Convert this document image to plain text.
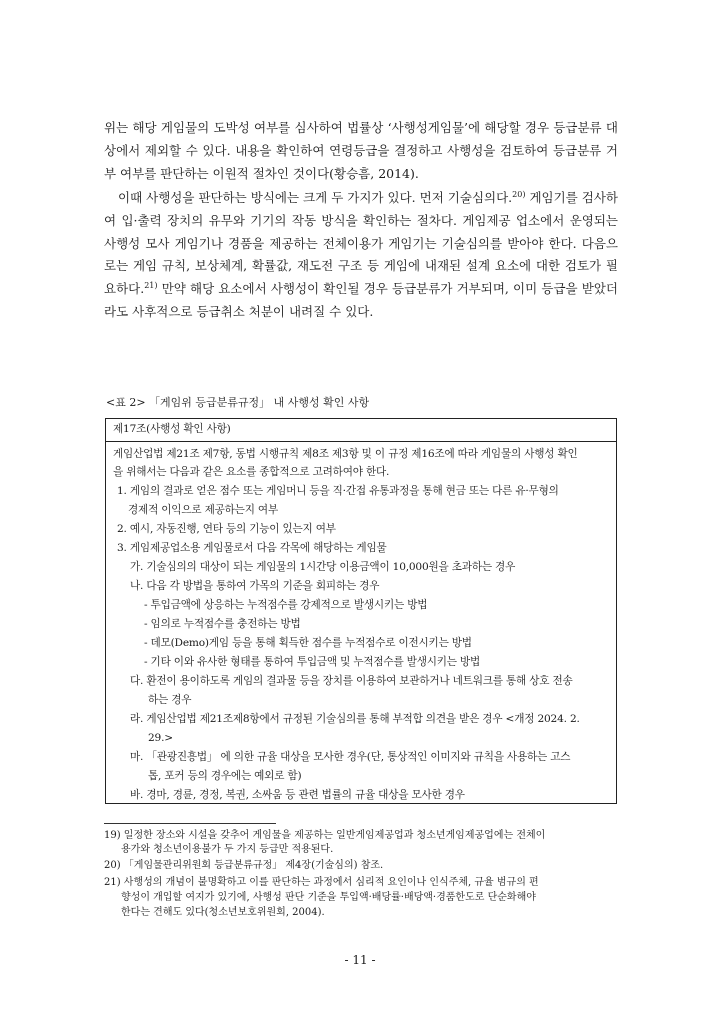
위는 해당 게임물의 도박성 여부를 심사하여 법률상 ‘사행성게임물’에 해당할 경우 등급분류 대상에서 제외할 수 있다. 내용을 확인하여 연령등급을 결정하고 사행성을 검토하여 등급분류 거부 여부를 판단하는 이원적 절차인 것이다(황승흠, 2014).

이때 사행성을 판단하는 방식에는 크게 두 가지가 있다. 먼저 기술심의다.$^{20)}$ 게임기를 검사하여 입·출력 장치의 유무와 기기의 작동 방식을 확인하는 절차다. 게임제공 업소에서 운영되는 사행성 모사 게임기나 경품을 제공하는 전체이용가 게임기는 기술심의를 받아야 한다. 다음으로는 게임 규칙, 보상체계, 확률값, 재도전 구조 등 게임에 내재된 설계 요소에 대한 검토가 필요하다.$^{21)}$ 만약 해당 요소에서 사행성이 확인될 경우 등급분류가 거부되며, 이미 등급을 받았더라도 사후적으로 등급취소 처분이 내려질 수 있다.

<표 2> 「게임위 등급분류규정」 내 사행성 확인 사항
제17조(사행성 확인 사항)
게임산업법 제21조 제7항, 동법 시행규칙 제8조 제3항 및 이 규정 제16조에 따라 게임물의 사행성 확인
을 위해서는 다음과 같은 요소를 종합적으로 고려하여야 한다.
1. 게임의 결과로 얻은 점수 또는 게임머니 등을 직·간접 유통과정을 통해 현금 또는 다른 유·무형의
경제적 이익으로 제공하는지 여부
2. 예시, 자동진행, 연타 등의 기능이 있는지 여부
3. 게임제공업소용 게임물로서 다음 각목에 해당하는 게임물
가. 기술심의의 대상이 되는 게임물의 1시간당 이용금액이 10,000원을 초과하는 경우
나. 다음 각 방법을 통하여 가목의 기준을 회피하는 경우
- 투입금액에 상응하는 누적점수를 강제적으로 발생시키는 방법
- 임의로 누적점수를 충전하는 방법
- 데모(Demo)게임 등을 통해 획득한 점수를 누적점수로 이전시키는 방법
- 기타 이와 유사한 형태를 통하여 투입금액 및 누적점수를 발생시키는 방법
다. 환전이 용이하도록 게임의 결과물 등을 장치를 이용하여 보관하거나 네트워크를 통해 상호 전송
하는 경우
라. 게임산업법 제21조제8항에서 규정된 기술심의를 통해 부적합 의견을 받은 경우 <개정 2024. 2.
29.>
마. 「관광진흥법」 에 의한 규율 대상을 모사한 경우(단, 통상적인 이미지와 규칙을 사용하는 고스
톱, 포커 등의 경우에는 예외로 함)
바. 경마, 경륜, 경정, 복권, 소싸움 등 관련 법률의 규율 대상을 모사한 경우
19) 일정한 장소와 시설을 갖추어 게임물을 제공하는 일반게임제공업과 청소년게임제공업에는 전체이
용가와 청소년이용불가 두 가지 등급만 적용된다.
20) 「게임물관리위원회 등급분류규정」 제4장(기술심의) 참조.
21) 사행성의 개념이 불명확하고 이를 판단하는 과정에서 심리적 요인이나 인식주체, 규율 범규의 편
향성이 개입할 여지가 있기에, 사행성 판단 기준을 투입액·배당률·배당액·경품한도로 단순화해야
한다는 견해도 있다(청소년보호위원회, 2004).
- 11 -
